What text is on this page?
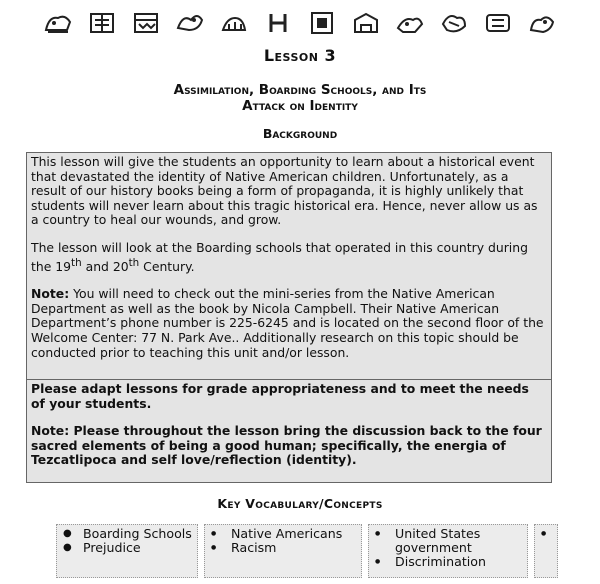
Lesson 3
Assimilation, Boarding Schools, and Its
Attack on Identity
Background

This lesson will give the students an opportunity to learn about a historical event that devastated the identity of Native American children. Unfortunately, as a result of our history books being a form of propaganda, it is highly unlikely that students will never learn about this tragic historical era. Hence, never allow us as a country to heal our wounds, and grow.

The lesson will look at the Boarding schools that operated in this country during the 19th and 20th Century.

Note: You will need to check out the mini-series from the Native American Department as well as the book by Nicola Campbell. Their Native American Department’s phone number is 225-6245 and is located on the second floor of the Welcome Center: 77 N. Park Ave.. Additionally research on this topic should be conducted prior to teaching this unit and/or lesson.

Please adapt lessons for grade appropriateness and to meet the needs of your students.

Note: Please throughout the lesson bring the discussion back to the four sacred elements of being a good human; specifically, the energia of Tezcatlipoca and self love/reflection (identity).

Key Vocabulary/Concepts
● Boarding Schools
● Prejudice
●	Native Americans
●	Racism
●	United States government
●	Discrimination
●
